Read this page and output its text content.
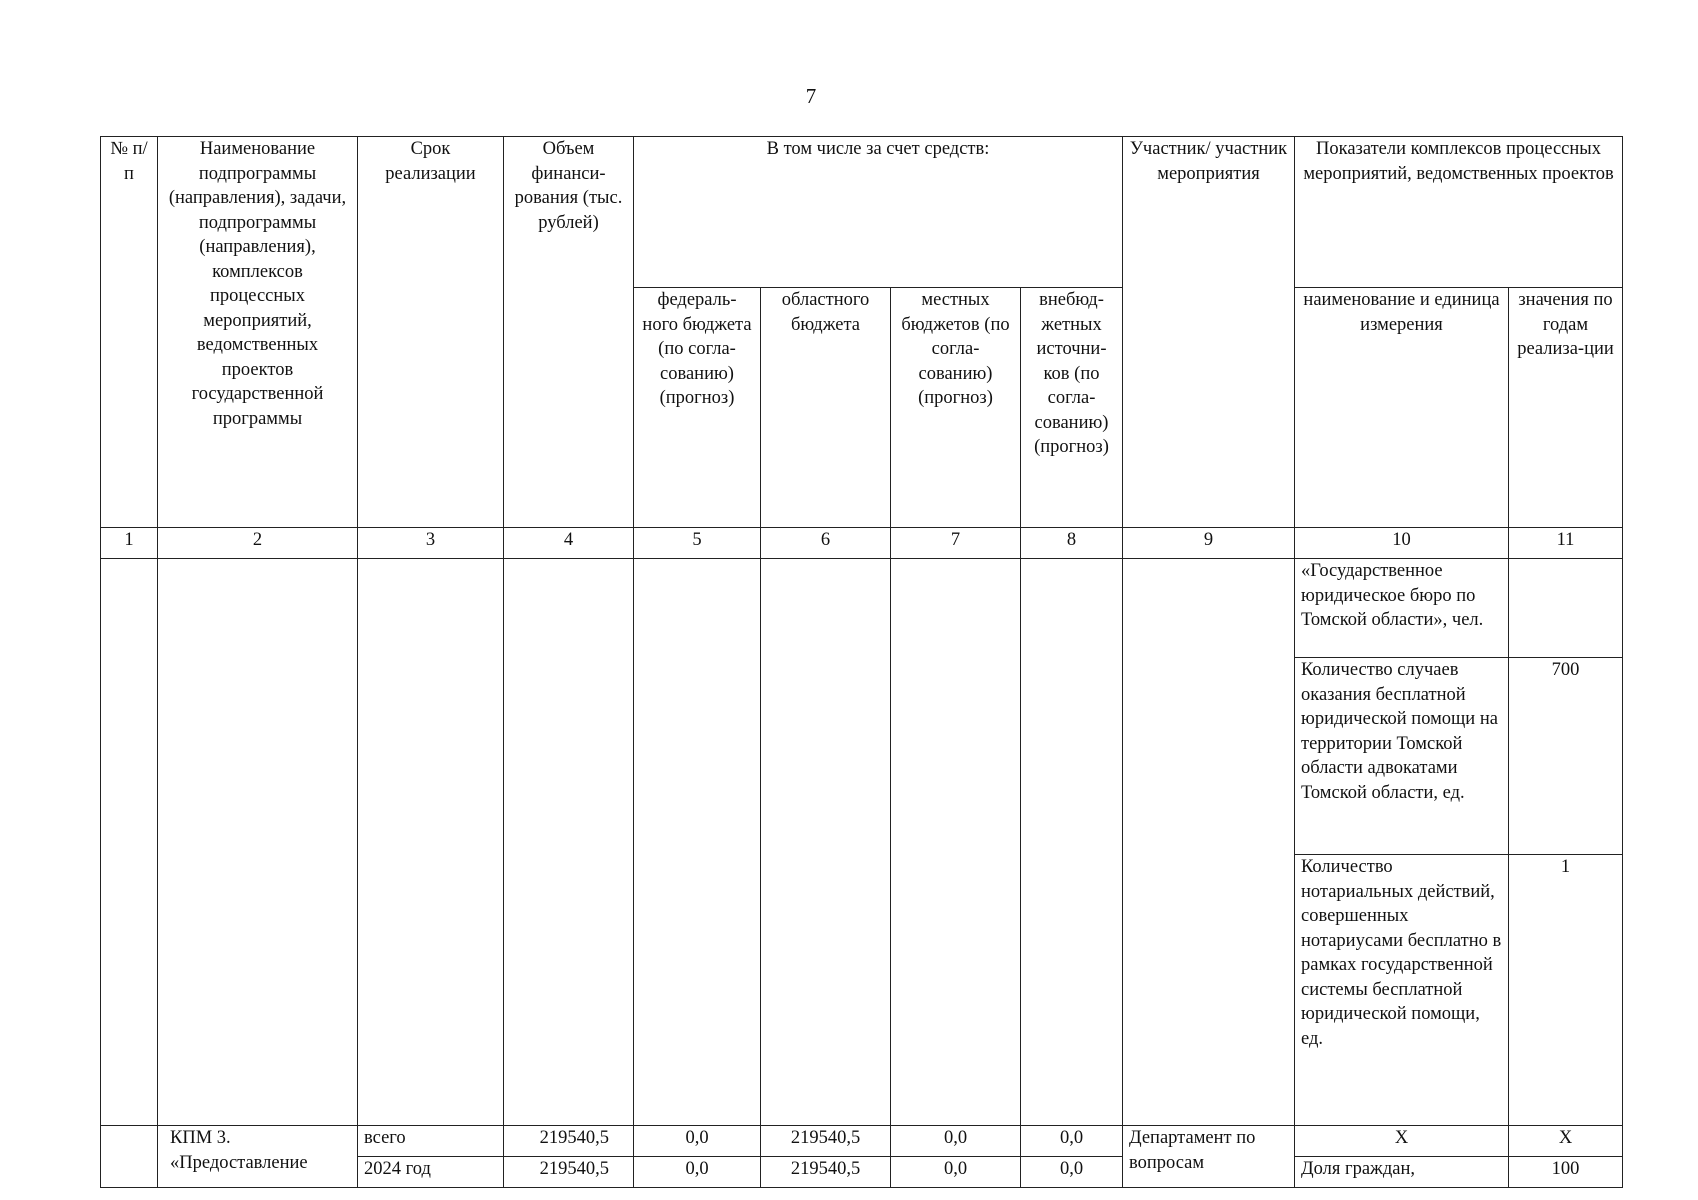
7
№ п/п	Наименование подпрограммы (направления), задачи, подпрограммы (направления), комплексов процессных мероприятий, ведомственных проектов государственной программы	Срок реализации	Объем финанси-рования (тыс. рублей)	В том числе за счет средств:				Участник/ участник мероприятия	Показатели комплексов процессных мероприятий, ведомственных проектов	
				федераль-ного бюджета (по согла-сованию) (прогноз)	областного бюджета	местных бюджетов (по согла-сованию) (прогноз)	внебюд-жетных источни-ков (по согла-сованию) (прогноз)		наименование и единица измерения	значения по годам реализа-ции
1	2	3	4	5	6	7	8	9	10	11
									«Государственное юридическое бюро по Томской области», чел.	
									Количество случаев оказания бесплатной юридической помощи на территории Томской области адвокатами Томской области, ед.	700
									Количество нотариальных действий, совершенных нотариусами бесплатно в рамках государственной системы бесплатной юридической помощи, ед.	1
	КПМ 3. «Предоставление	всего	219540,5	0,0	219540,5	0,0	0,0	Департамент по вопросам	Х	Х
		2024 год	219540,5	0,0	219540,5	0,0	0,0		Доля граждан,	100
